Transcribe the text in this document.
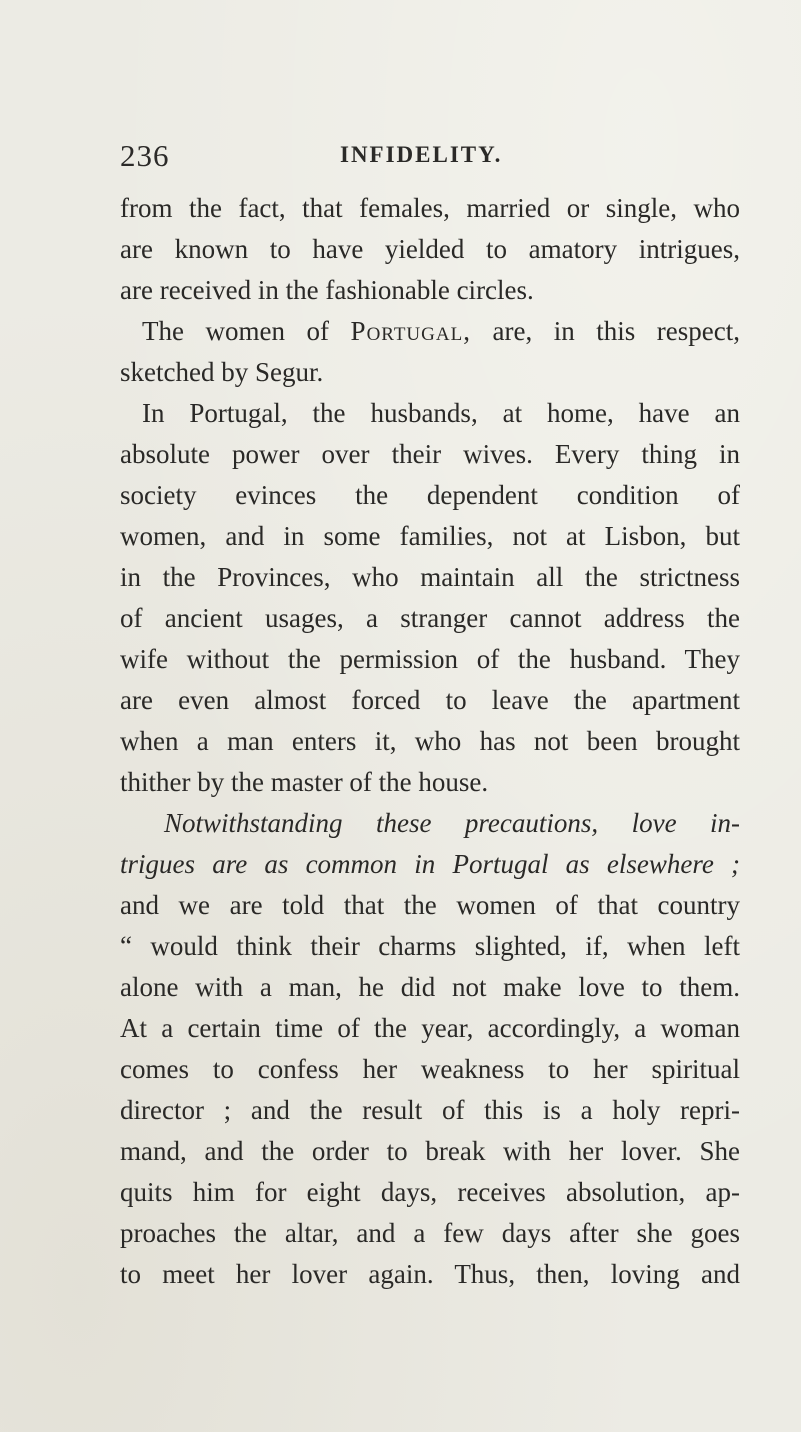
236	INFIDELITY.
from the fact, that females, married or single, who
are known to have yielded to amatory intrigues,
are received in the fashionable circles.
The women of Portugal, are, in this respect,
sketched by Segur.
In Portugal, the husbands, at home, have an
absolute power over their wives. Every thing in
society evinces the dependent condition of
women, and in some families, not at Lisbon, but
in the Provinces, who maintain all the strictness
of ancient usages, a stranger cannot address the
wife without the permission of the husband. They
are even almost forced to leave the apartment
when a man enters it, who has not been brought
thither by the master of the house.
Notwithstanding these precautions, love in-
trigues are as common in Portugal as elsewhere ;
and we are told that the women of that country
“ would think their charms slighted, if, when left
alone with a man, he did not make love to them.
At a certain time of the year, accordingly, a woman
comes to confess her weakness to her spiritual
director ; and the result of this is a holy repri-
mand, and the order to break with her lover. She
quits him for eight days, receives absolution, ap-
proaches the altar, and a few days after she goes
to meet her lover again. Thus, then, loving and
